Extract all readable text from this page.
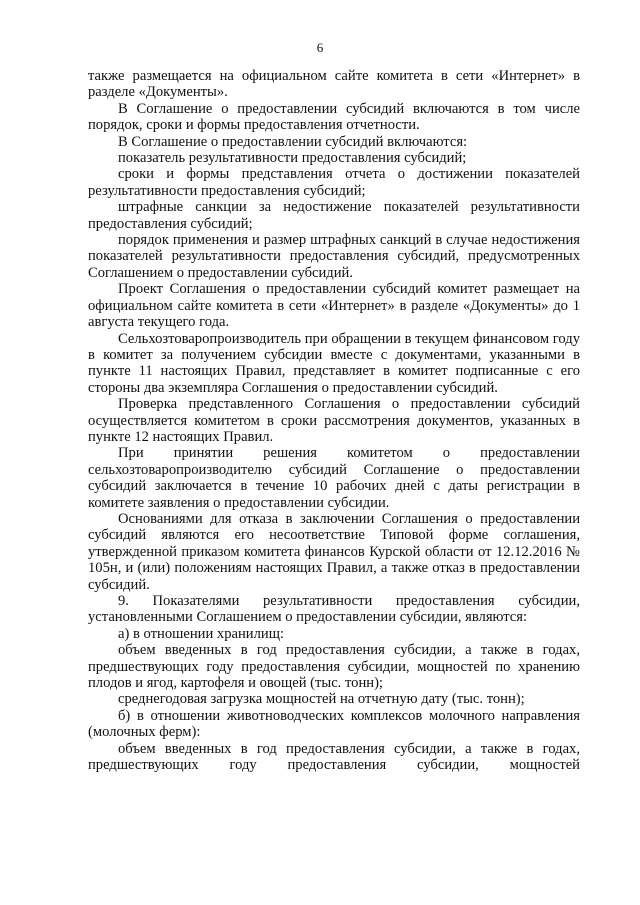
6

также размещается на официальном сайте комитета в сети «Интернет» в разделе «Документы».

В Соглашение о предоставлении субсидий включаются в том числе порядок, сроки и формы предоставления отчетности.

В Соглашение о предоставлении субсидий включаются:

показатель результативности предоставления субсидий;

сроки и формы представления отчета о достижении показателей результативности предоставления субсидий;

штрафные санкции за недостижение показателей результативности предоставления субсидий;

порядок применения и размер штрафных санкций в случае недостижения показателей результативности предоставления субсидий, предусмотренных Соглашением о предоставлении субсидий.

Проект Соглашения о предоставлении субсидий комитет размещает на официальном сайте комитета в сети «Интернет» в разделе «Документы» до 1 августа текущего года.

Сельхозтоваропроизводитель при обращении в текущем финансовом году в комитет за получением субсидии вместе с документами, указанными в пункте 11 настоящих Правил, представляет в комитет подписанные с его стороны два экземпляра Соглашения о предоставлении субсидий.

Проверка представленного Соглашения о предоставлении субсидий осуществляется комитетом в сроки рассмотрения документов, указанных в пункте 12 настоящих Правил.

При принятии решения комитетом о предоставлении сельхозтоваропроизводителю субсидий Соглашение о предоставлении субсидий заключается в течение 10 рабочих дней с даты регистрации в комитете заявления о предоставлении субсидии.

Основаниями для отказа в заключении Соглашения о предоставлении субсидий являются его несоответствие Типовой форме соглашения, утвержденной приказом комитета финансов Курской области от 12.12.2016 № 105н, и (или) положениям настоящих Правил, а также отказ в предоставлении субсидий.

9. Показателями результативности предоставления субсидии, установленными Соглашением о предоставлении субсидии, являются:

а) в отношении хранилищ:

объем введенных в год предоставления субсидии, а также в годах, предшествующих году предоставления субсидии, мощностей по хранению плодов и ягод, картофеля и овощей (тыс. тонн);

среднегодовая загрузка мощностей на отчетную дату (тыс. тонн);

б) в отношении животноводческих комплексов молочного направления (молочных ферм):

объем введенных в год предоставления субсидии, а также в годах, предшествующих году предоставления субсидии, мощностей
